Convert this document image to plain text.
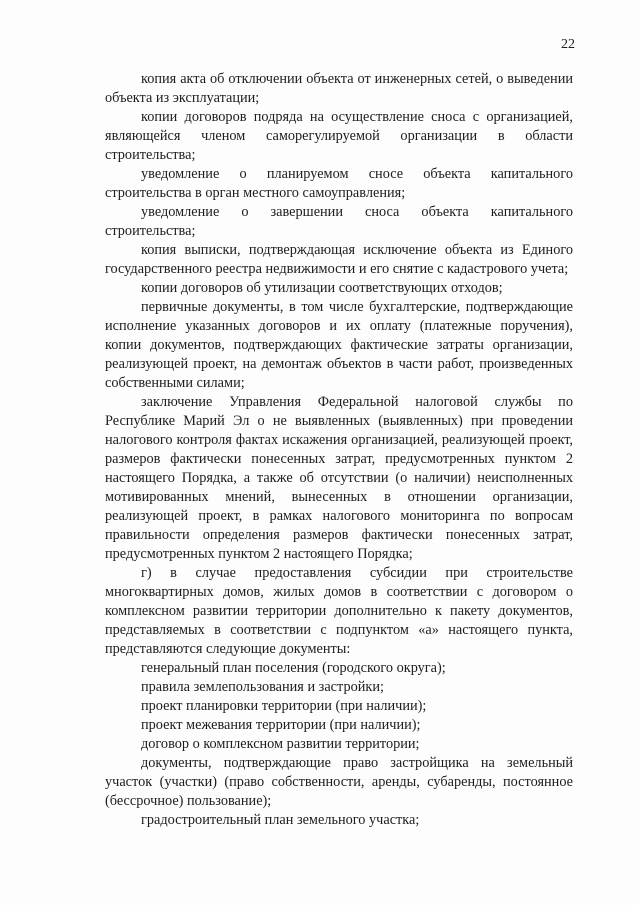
22

копия акта об отключении объекта от инженерных сетей, о выведении объекта из эксплуатации;

копии договоров подряда на осуществление сноса с организацией, являющейся членом саморегулируемой организации в области строительства;

уведомление о планируемом сносе объекта капитального строительства в орган местного самоуправления;

уведомление о завершении сноса объекта капитального строительства;

копия выписки, подтверждающая исключение объекта из Единого государственного реестра недвижимости и его снятие с кадастрового учета;

копии договоров об утилизации соответствующих отходов;

первичные документы, в том числе бухгалтерские, подтверждающие исполнение указанных договоров и их оплату (платежные поручения), копии документов, подтверждающих фактические затраты организации, реализующей проект, на демонтаж объектов в части работ, произведенных собственными силами;

заключение Управления Федеральной налоговой службы по Республике Марий Эл о не выявленных (выявленных) при проведении налогового контроля фактах искажения организацией, реализующей проект, размеров фактически понесенных затрат, предусмотренных пунктом 2 настоящего Порядка, а также об отсутствии (о наличии) неисполненных мотивированных мнений, вынесенных в отношении организации, реализующей проект, в рамках налогового мониторинга по вопросам правильности определения размеров фактически понесенных затрат, предусмотренных пунктом 2 настоящего Порядка;

г) в случае предоставления субсидии при строительстве многоквартирных домов, жилых домов в соответствии с договором о комплексном развитии территории дополнительно к пакету документов, представляемых в соответствии с подпунктом «а» настоящего пункта, представляются следующие документы:

генеральный план поселения (городского округа);

правила землепользования и застройки;

проект планировки территории (при наличии);

проект межевания территории (при наличии);

договор о комплексном развитии территории;

документы, подтверждающие право застройщика на земельный участок (участки) (право собственности, аренды, субаренды, постоянное (бессрочное) пользование);

градостроительный план земельного участка;
